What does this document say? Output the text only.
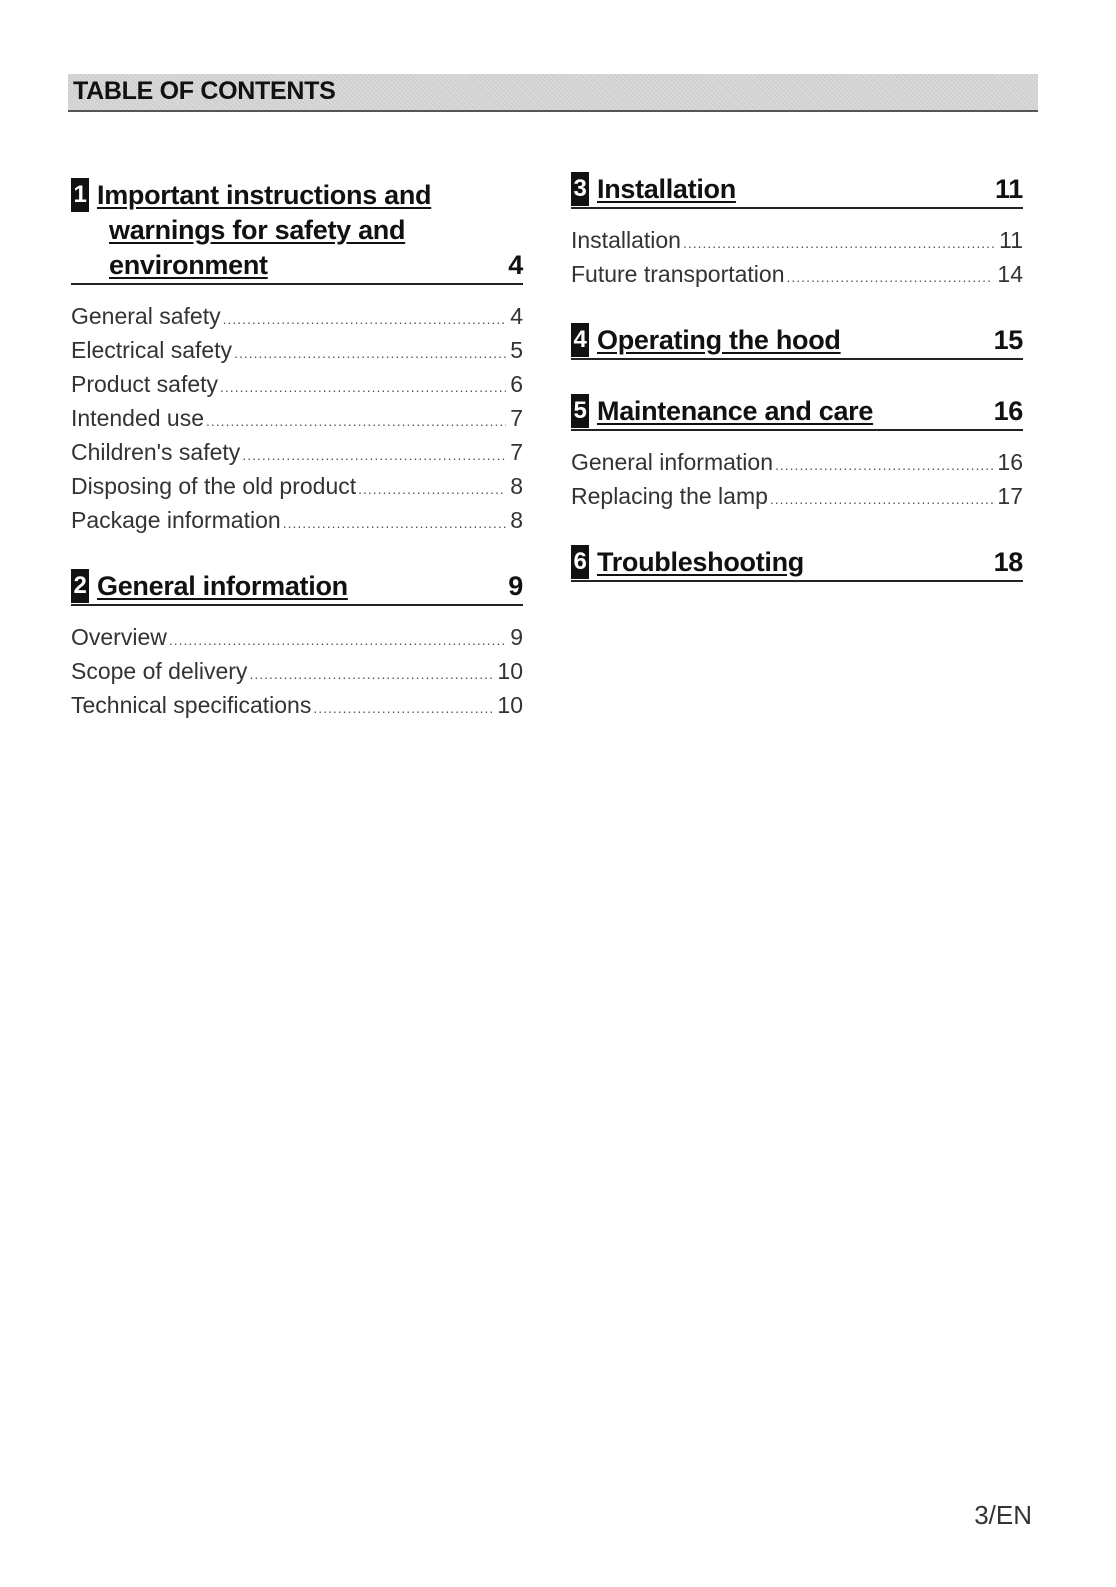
TABLE OF CONTENTS
1 Important instructions and
warnings for safety and
environment	4
General safety .....	4
Electrical safety .....	5
Product safety .....	6
Intended use .....	7
Children's safety .....	7
Disposing of the old product .....	8
Package information .....	8
2 General information	9
Overview .....	9
Scope of delivery .....	10
Technical specifications .....	10
3 Installation	11
Installation .....	11
Future transportation .....	14
4 Operating the hood	15
5 Maintenance and care	16
General information .....	16
Replacing the lamp .....	17
6 Troubleshooting	18
3/EN
